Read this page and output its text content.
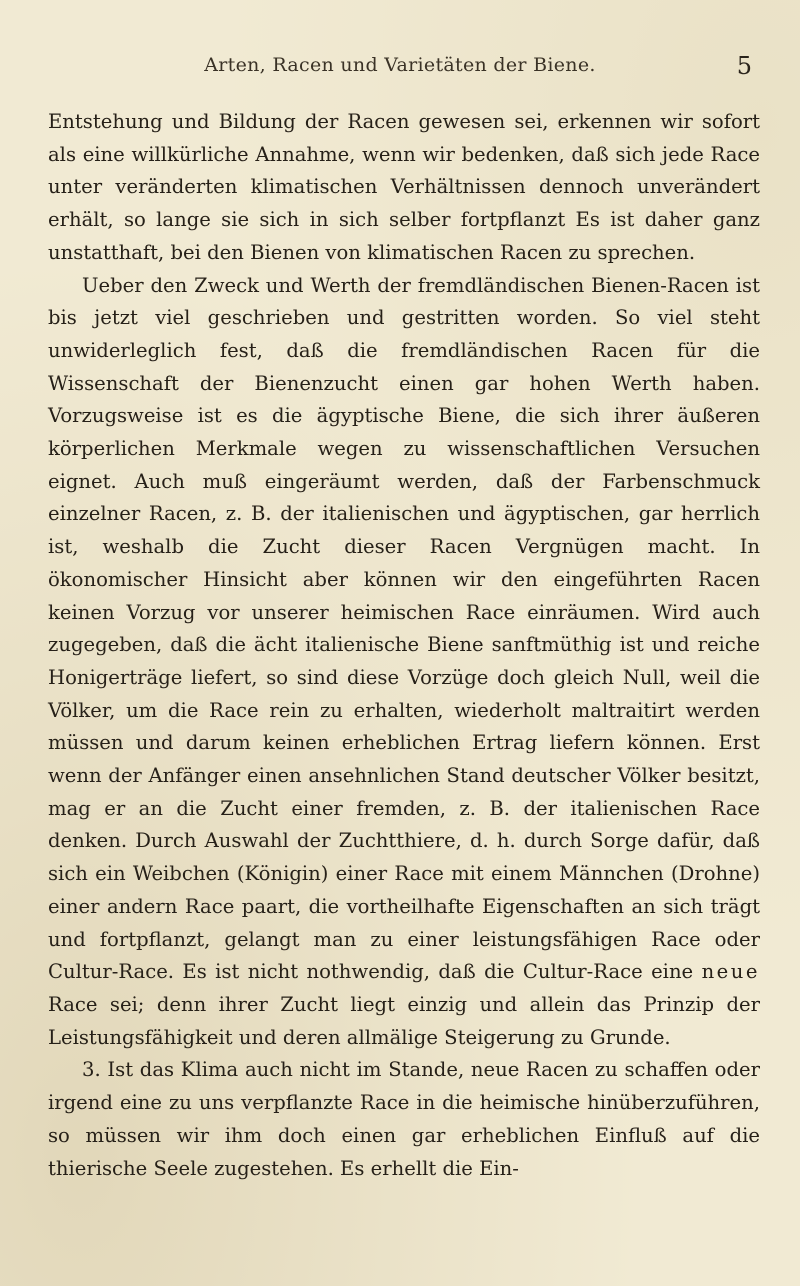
Arten, Racen und Varietäten der Biene.	5

Entstehung und Bildung der Racen gewesen sei, erkennen wir sofort als eine willkürliche Annahme, wenn wir bedenken, daß sich jede Race unter veränderten klimatischen Verhältnissen dennoch unverändert erhält, so lange sie sich in sich selber fortpflanzt Es ist daher ganz unstatthaft, bei den Bienen von klimatischen Racen zu sprechen.

Ueber den Zweck und Werth der fremdländischen Bienen-Racen ist bis jetzt viel geschrieben und gestritten worden. So viel steht unwiderleglich fest, daß die fremdländischen Racen für die Wissenschaft der Bienenzucht einen gar hohen Werth haben. Vorzugsweise ist es die ägyptische Biene, die sich ihrer äußeren körperlichen Merkmale wegen zu wissenschaftlichen Versuchen eignet. Auch muß eingeräumt werden, daß der Farbenschmuck einzelner Racen, z. B. der italienischen und ägyptischen, gar herrlich ist, weshalb die Zucht dieser Racen Vergnügen macht. In ökonomischer Hinsicht aber können wir den eingeführten Racen keinen Vorzug vor unserer heimischen Race einräumen. Wird auch zugegeben, daß die ächt italienische Biene sanftmüthig ist und reiche Honigerträge liefert, so sind diese Vorzüge doch gleich Null, weil die Völker, um die Race rein zu erhalten, wiederholt maltraitirt werden müssen und darum keinen erheblichen Ertrag liefern können. Erst wenn der Anfänger einen ansehnlichen Stand deutscher Völker besitzt, mag er an die Zucht einer fremden, z. B. der italienischen Race denken. Durch Auswahl der Zuchtthiere, d. h. durch Sorge dafür, daß sich ein Weibchen (Königin) einer Race mit einem Männchen (Drohne) einer andern Race paart, die vortheilhafte Eigenschaften an sich trägt und fortpflanzt, gelangt man zu einer leistungsfähigen Race oder Cultur-Race. Es ist nicht nothwendig, daß die Cultur-Race eine neue Race sei; denn ihrer Zucht liegt einzig und allein das Prinzip der Leistungsfähigkeit und deren allmälige Steigerung zu Grunde.

3. Ist das Klima auch nicht im Stande, neue Racen zu schaffen oder irgend eine zu uns verpflanzte Race in die heimische hinüberzuführen, so müssen wir ihm doch einen gar erheblichen Einfluß auf die thierische Seele zugestehen. Es erhellt die Ein-
